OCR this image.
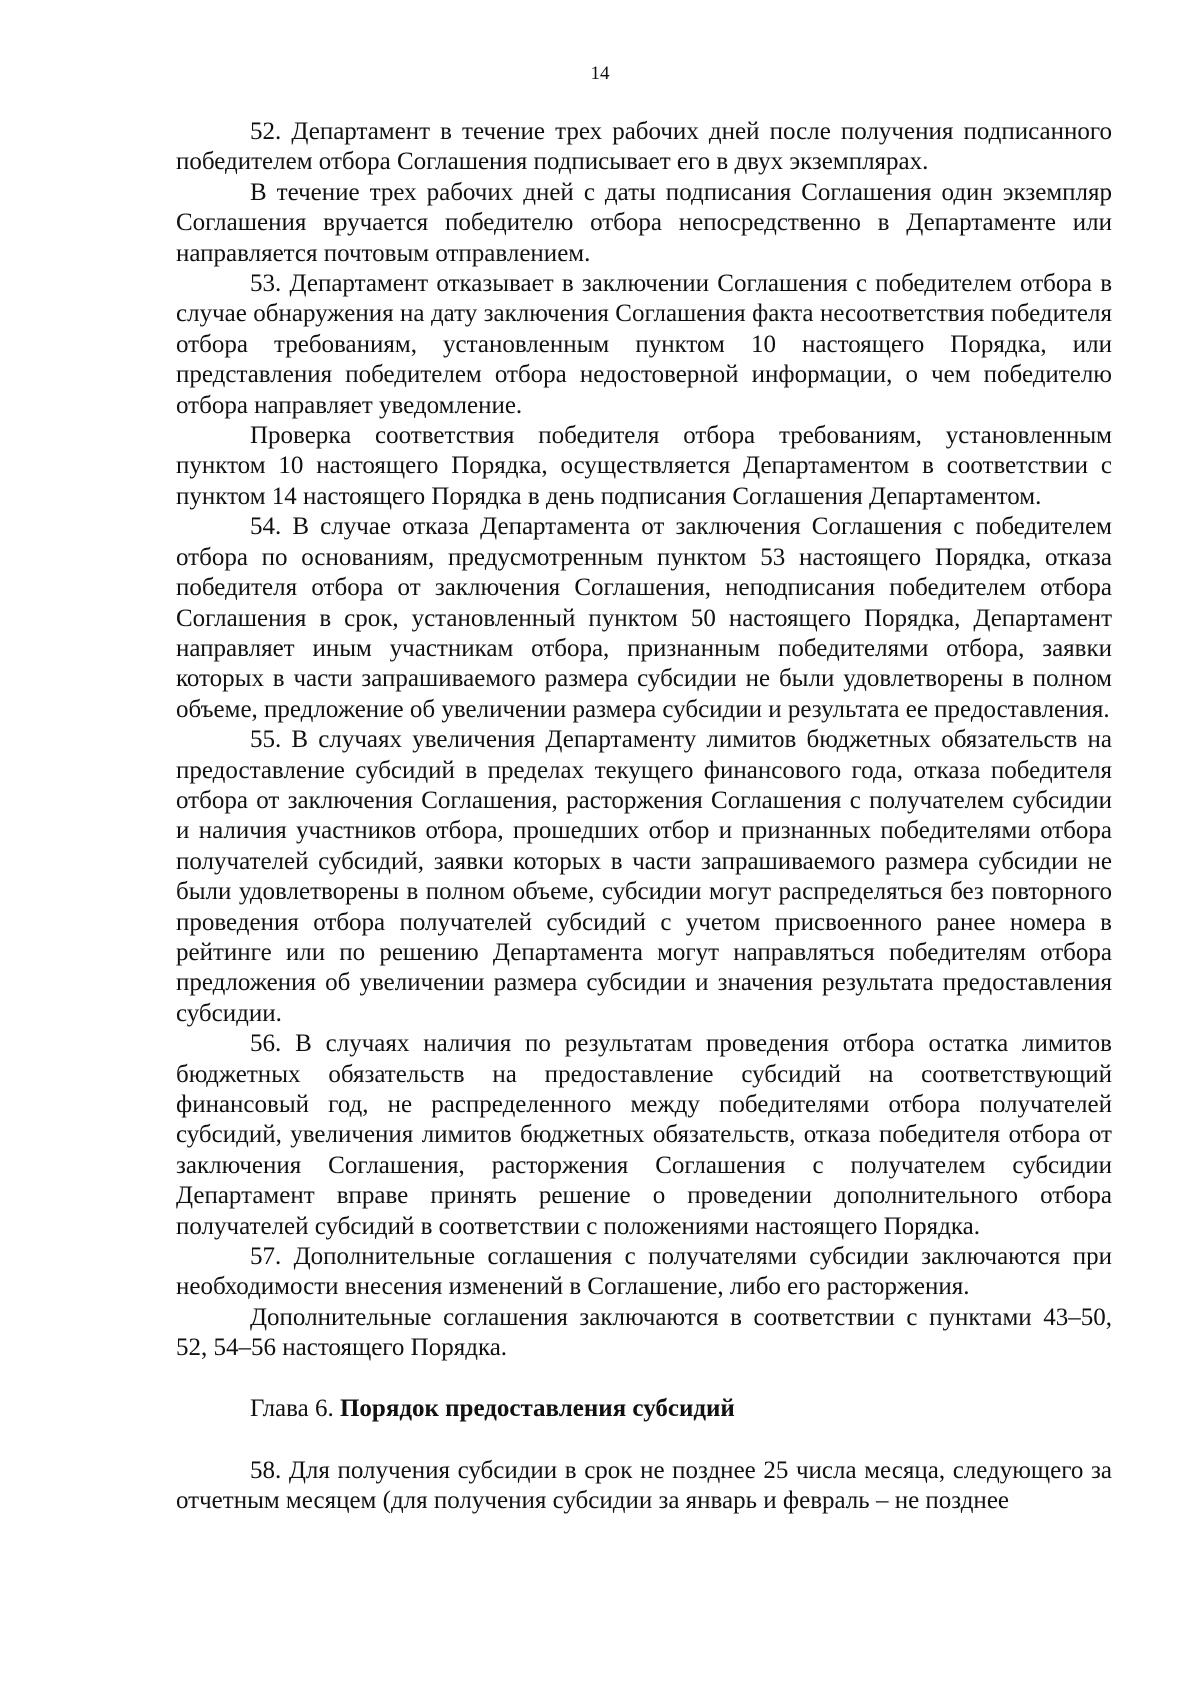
14

52. Департамент в течение трех рабочих дней после получения подписанного победителем отбора Соглашения подписывает его в двух экземплярах.

В течение трех рабочих дней с даты подписания Соглашения один экземпляр Соглашения вручается победителю отбора непосредственно в Департаменте или направляется почтовым отправлением.

53. Департамент отказывает в заключении Соглашения с победителем отбора в случае обнаружения на дату заключения Соглашения факта несоответствия победителя отбора требованиям, установленным пунктом 10 настоящего Порядка, или представления победителем отбора недостоверной информации, о чем победителю отбора направляет уведомление.

Проверка соответствия победителя отбора требованиям, установленным пунктом 10 настоящего Порядка, осуществляется Департаментом в соответствии с пунктом 14 настоящего Порядка в день подписания Соглашения Департаментом.

54. В случае отказа Департамента от заключения Соглашения с победителем отбора по основаниям, предусмотренным пунктом 53 настоящего Порядка, отказа победителя отбора от заключения Соглашения, неподписания победителем отбора Соглашения в срок, установленный пунктом 50 настоящего Порядка, Департамент направляет иным участникам отбора, признанным победителями отбора, заявки которых в части запрашиваемого размера субсидии не были удовлетворены в полном объеме, предложение об увеличении размера субсидии и результата ее предоставления.

55. В случаях увеличения Департаменту лимитов бюджетных обязательств на предоставление субсидий в пределах текущего финансового года, отказа победителя отбора от заключения Соглашения, расторжения Соглашения с получателем субсидии и наличия участников отбора, прошедших отбор и признанных победителями отбора получателей субсидий, заявки которых в части запрашиваемого размера субсидии не были удовлетворены в полном объеме, субсидии могут распределяться без повторного проведения отбора получателей субсидий с учетом присвоенного ранее номера в рейтинге или по решению Департамента могут направляться победителям отбора предложения об увеличении размера субсидии и значения результата предоставления субсидии.

56. В случаях наличия по результатам проведения отбора остатка лимитов бюджетных обязательств на предоставление субсидий на соответствующий финансовый год, не распределенного между победителями отбора получателей субсидий, увеличения лимитов бюджетных обязательств, отказа победителя отбора от заключения Соглашения, расторжения Соглашения с получателем субсидии Департамент вправе принять решение о проведении дополнительного отбора получателей субсидий в соответствии с положениями настоящего Порядка.

57. Дополнительные соглашения с получателями субсидии заключаются при необходимости внесения изменений в Соглашение, либо его расторжения.

Дополнительные соглашения заключаются в соответствии с пунктами 43–50, 52, 54–56 настоящего Порядка.

Глава 6. Порядок предоставления субсидий

58. Для получения субсидии в срок не позднее 25 числа месяца, следующего за отчетным месяцем (для получения субсидии за январь и февраль – не позднее
